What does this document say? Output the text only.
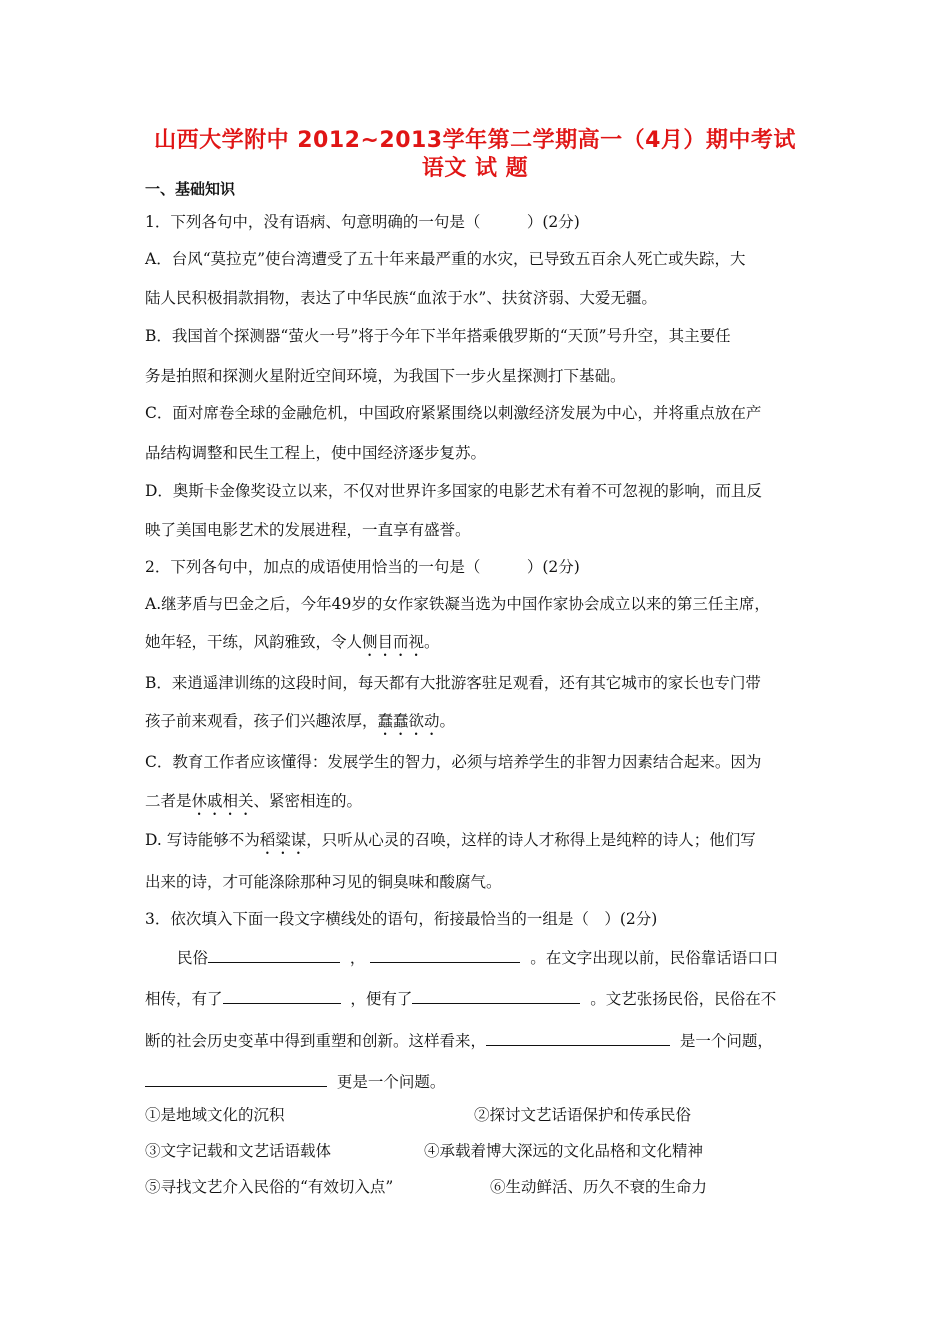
山西大学附中 2012~2013学年第二学期高一（4月）期中考试
语文 试 题
一、基础知识
1．下列各句中，没有语病、句意明确的一句是（　　　）(2分)
A．台风“莫拉克”使台湾遭受了五十年来最严重的水灾，已导致五百余人死亡或失踪，大
陆人民积极捐款捐物，表达了中华民族“血浓于水”、扶贫济弱、大爱无疆。
B．我国首个探测器“萤火一号”将于今年下半年搭乘俄罗斯的“天顶”号升空，其主要任
务是拍照和探测火星附近空间环境，为我国下一步火星探测打下基础。
C．面对席卷全球的金融危机，中国政府紧紧围绕以刺激经济发展为中心，并将重点放在产
品结构调整和民生工程上，使中国经济逐步复苏。
D．奥斯卡金像奖设立以来，不仅对世界许多国家的电影艺术有着不可忽视的影响，而且反
映了美国电影艺术的发展进程，一直享有盛誉。
2．下列各句中，加点的成语使用恰当的一句是（　　　）(2分)
A.继茅盾与巴金之后，今年49岁的女作家铁凝当选为中国作家协会成立以来的第三任主席，
她年轻，干练，风韵雅致，令人侧目而视。
B．来逍遥津训练的这段时间，每天都有大批游客驻足观看，还有其它城市的家长也专门带
孩子前来观看，孩子们兴趣浓厚，蠢蠢欲动。
C．教育工作者应该懂得：发展学生的智力，必须与培养学生的非智力因素结合起来。因为
二者是休戚相关、紧密相连的。
D. 写诗能够不为稻粱谋，只听从心灵的召唤，这样的诗人才称得上是纯粹的诗人；他们写
出来的诗，才可能涤除那种习见的铜臭味和酸腐气。
3．依次填入下面一段文字横线处的语句，衔接最恰当的一组是（　）(2分)
民俗	，	。在文字出现以前，民俗靠话语口口
相传，有了	，便有了	。文艺张扬民俗，民俗在不
断的社会历史变革中得到重塑和创新。这样看来，	是一个问题，
更是一个问题。
①是地域文化的沉积	②探讨文艺话语保护和传承民俗
③文字记载和文艺话语载体	④承载着博大深远的文化品格和文化精神
⑤寻找文艺介入民俗的“有效切入点”	⑥生动鲜活、历久不衰的生命力
